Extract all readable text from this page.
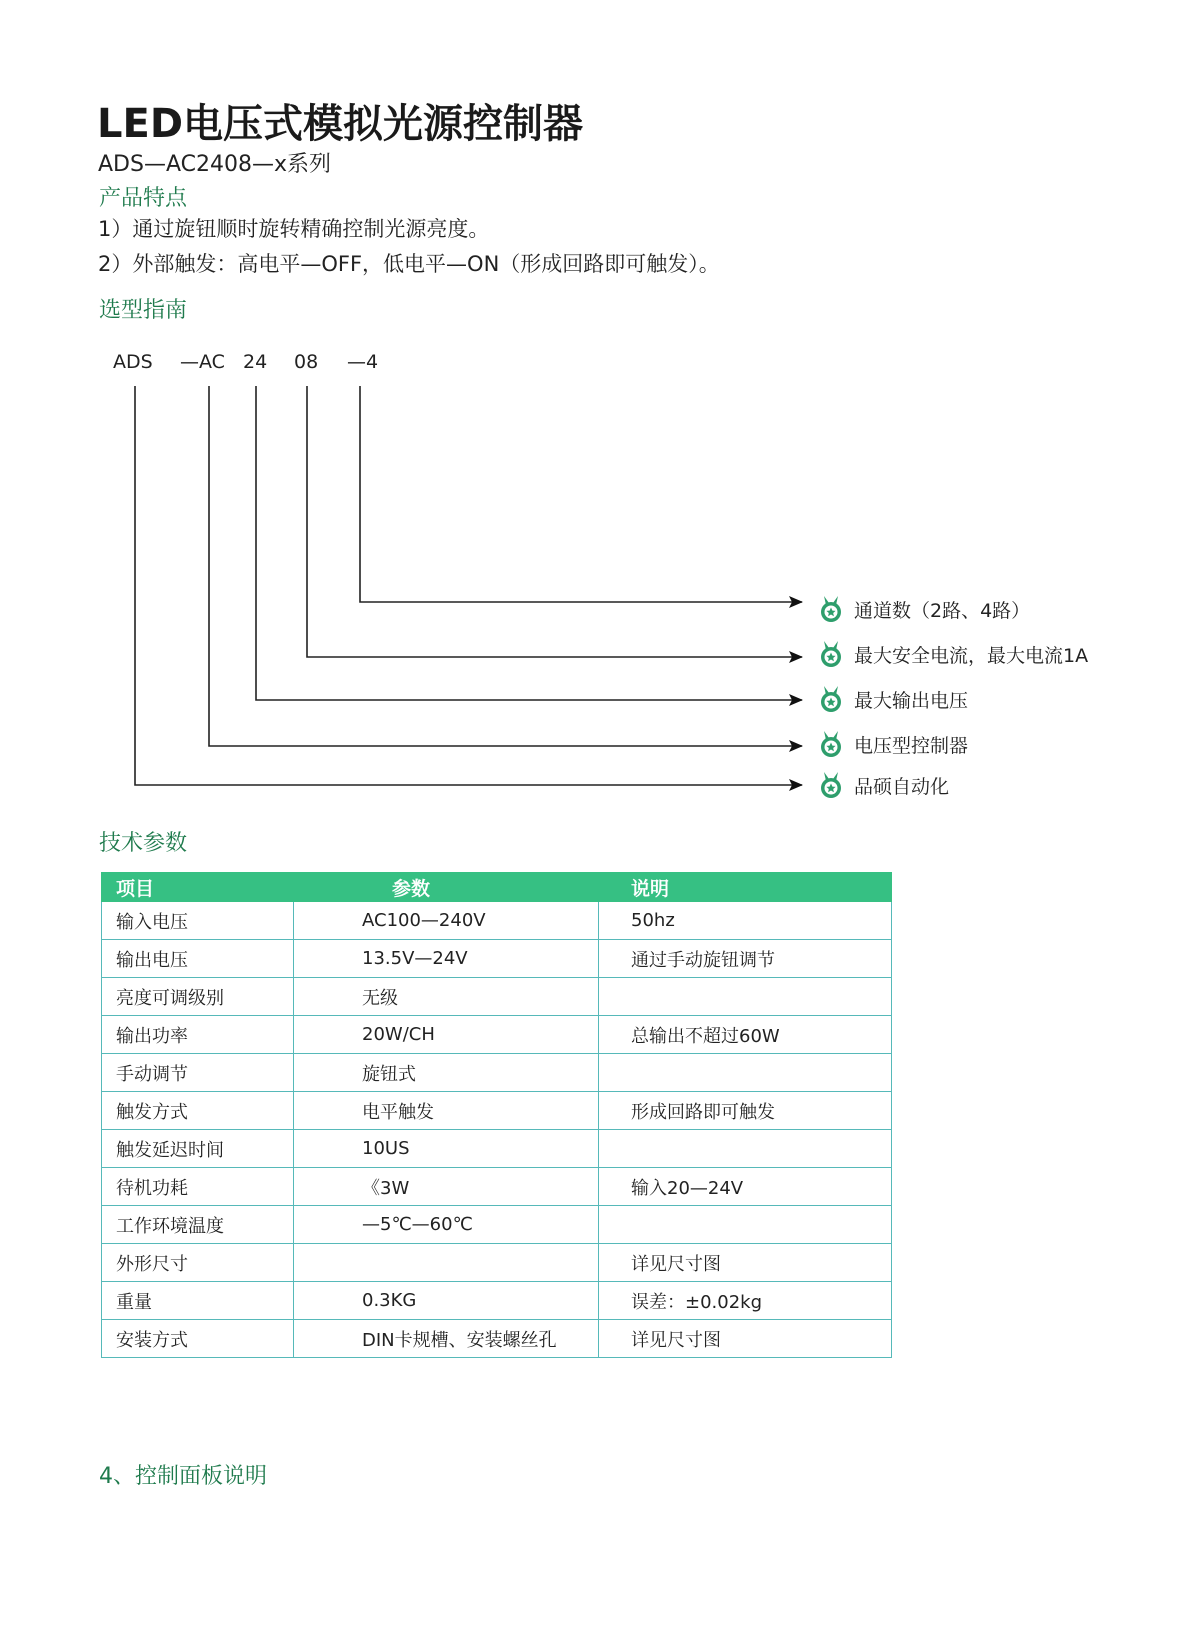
LED电压式模拟光源控制器
ADS—AC2408—x系列
产品特点
1）通过旋钮顺时旋转精确控制光源亮度。
2）外部触发：高电平—OFF，低电平—ON（形成回路即可触发）。
选型指南
ADS —AC 24 08 —4
通道数（2路、4路）
最大安全电流，最大电流1A
最大输出电压
电压型控制器
品硕自动化
技术参数
项目	参数	说明
输入电压	AC100—240V	50hz
输出电压	13.5V—24V	通过手动旋钮调节
亮度可调级别	无级	
输出功率	20W/CH	总输出不超过60W
手动调节	旋钮式	
触发方式	电平触发	形成回路即可触发
触发延迟时间	10US	
待机功耗	《3W	输入20—24V
工作环境温度	—5℃—60℃	
外形尺寸		详见尺寸图
重量	0.3KG	误差：±0.02kg
安装方式	DIN卡规槽、安装螺丝孔	详见尺寸图
4、控制面板说明
